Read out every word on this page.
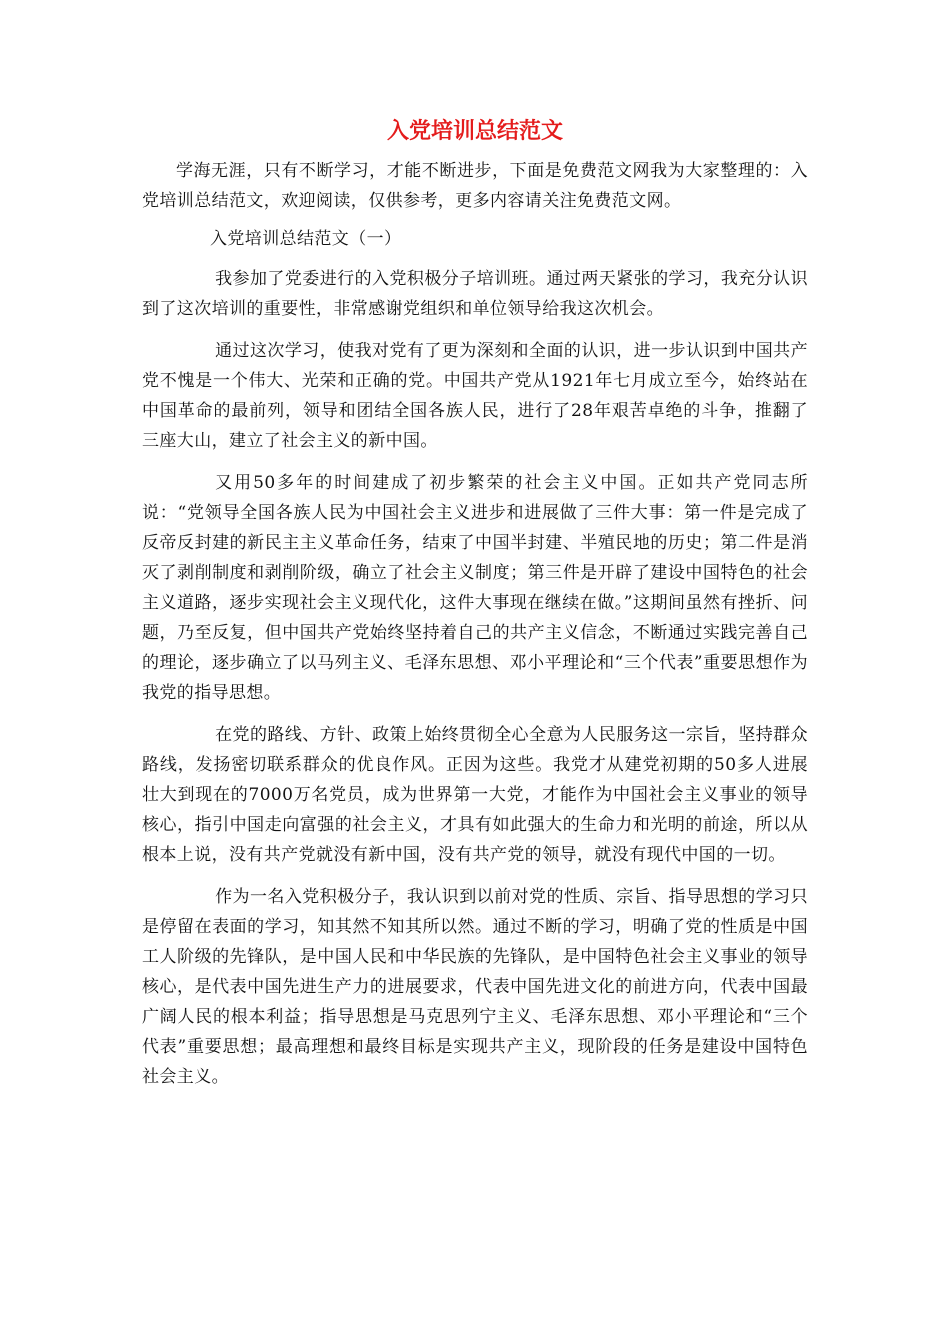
入党培训总结范文

学海无涯，只有不断学习，才能不断进步，下面是免费范文网我为大家整理的：入党培训总结范文，欢迎阅读，仅供参考，更多内容请关注免费范文网。

入党培训总结范文（一）

我参加了党委进行的入党积极分子培训班。通过两天紧张的学习，我充分认识到了这次培训的重要性，非常感谢党组织和单位领导给我这次机会。

通过这次学习，使我对党有了更为深刻和全面的认识，进一步认识到中国共产党不愧是一个伟大、光荣和正确的党。中国共产党从1921年七月成立至今，始终站在中国革命的最前列，领导和团结全国各族人民，进行了28年艰苦卓绝的斗争，推翻了三座大山，建立了社会主义的新中国。

又用50多年的时间建成了初步繁荣的社会主义中国。正如共产党同志所说：“党领导全国各族人民为中国社会主义进步和进展做了三件大事：第一件是完成了反帝反封建的新民主主义革命任务，结束了中国半封建、半殖民地的历史；第二件是消灭了剥削制度和剥削阶级，确立了社会主义制度；第三件是开辟了建设中国特色的社会主义道路，逐步实现社会主义现代化，这件大事现在继续在做。”这期间虽然有挫折、问题，乃至反复，但中国共产党始终坚持着自己的共产主义信念，不断通过实践完善自己的理论，逐步确立了以马列主义、毛泽东思想、邓小平理论和“三个代表”重要思想作为我党的指导思想。

在党的路线、方针、政策上始终贯彻全心全意为人民服务这一宗旨，坚持群众路线，发扬密切联系群众的优良作风。正因为这些。我党才从建党初期的50多人进展壮大到现在的7000万名党员，成为世界第一大党，才能作为中国社会主义事业的领导核心，指引中国走向富强的社会主义，才具有如此强大的生命力和光明的前途，所以从根本上说，没有共产党就没有新中国，没有共产党的领导，就没有现代中国的一切。

作为一名入党积极分子，我认识到以前对党的性质、宗旨、指导思想的学习只是停留在表面的学习，知其然不知其所以然。通过不断的学习，明确了党的性质是中国工人阶级的先锋队，是中国人民和中华民族的先锋队，是中国特色社会主义事业的领导核心，是代表中国先进生产力的进展要求，代表中国先进文化的前进方向，代表中国最广阔人民的根本利益；指导思想是马克思列宁主义、毛泽东思想、邓小平理论和“三个代表”重要思想；最高理想和最终目标是实现共产主义，现阶段的任务是建设中国特色社会主义。
